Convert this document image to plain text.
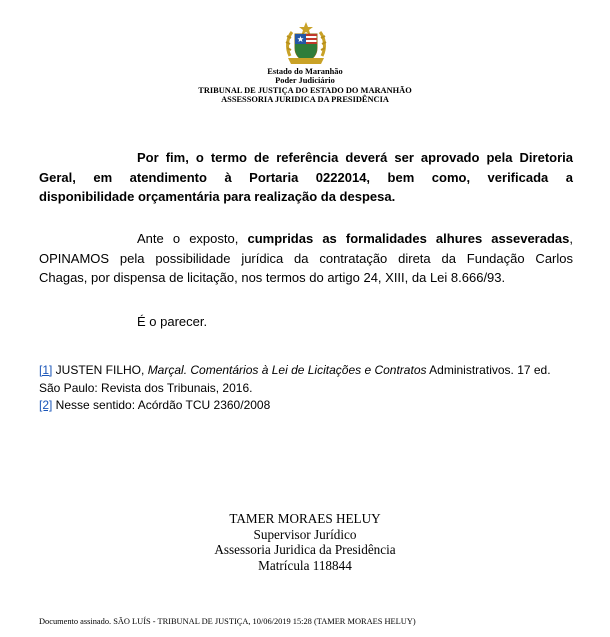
Estado do Maranhão
Poder Judiciário
TRIBUNAL DE JUSTIÇA DO ESTADO DO MARANHÃO
ASSESSORIA JURIDICA DA PRESIDÊNCIA
Por fim, o termo de referência deverá ser aprovado pela Diretoria
Geral, em atendimento à Portaria 0222014, bem como, verificada a
disponibilidade orçamentária para realização da despesa.
Ante o exposto, cumpridas as formalidades alhures asseveradas,
OPINAMOS pela possibilidade jurídica da contratação direta da Fundação Carlos
Chagas, por dispensa de licitação, nos termos do artigo 24, XIII, da Lei 8.666/93.
É o parecer.
[1] JUSTEN FILHO, Marçal. Comentários à Lei de Licitações e Contratos Administrativos. 17 ed.
São Paulo: Revista dos Tribunais, 2016.
[2] Nesse sentido: Acórdão TCU 2360/2008
TAMER MORAES HELUY
Supervisor Jurídico
Assessoria Juridica da Presidência
Matrícula 118844
Documento assinado. SÃO LUÍS - TRIBUNAL DE JUSTIÇA, 10/06/2019 15:28 (TAMER MORAES HELUY)
